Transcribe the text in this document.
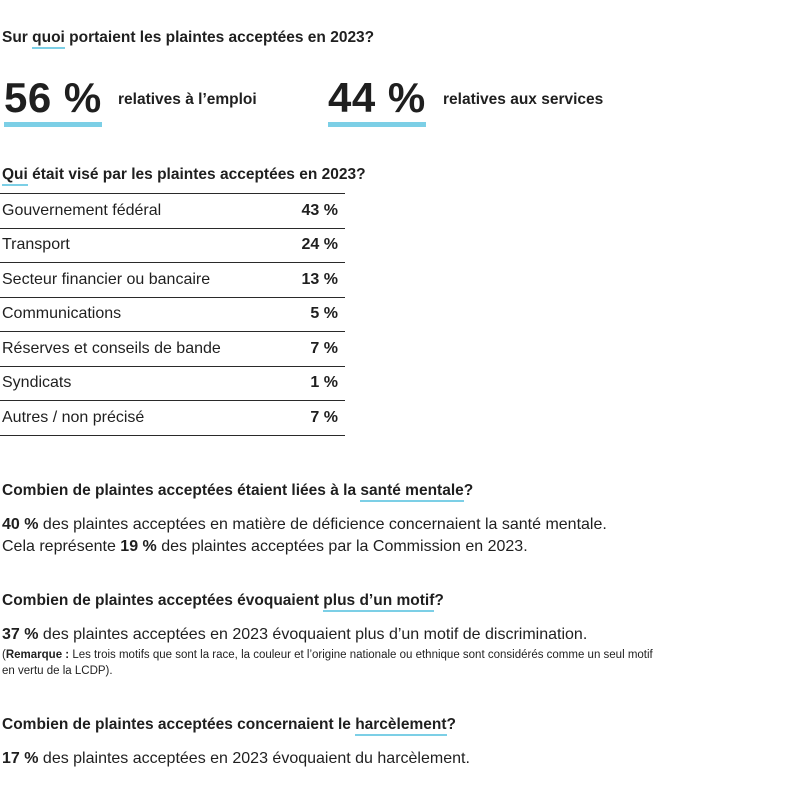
Sur quoi portaient les plaintes acceptées en 2023?
56 % relatives à l’emploi 44 % relatives aux services
Qui était visé par les plaintes acceptées en 2023?
Gouvernement fédéral	43 %
Transport	24 %
Secteur financier ou bancaire	13 %
Communications	5 %
Réserves et conseils de bande	7 %
Syndicats	1 %
Autres / non précisé	7 %
Combien de plaintes acceptées étaient liées à la santé mentale?
40 % des plaintes acceptées en matière de déficience concernaient la santé mentale.
Cela représente 19 % des plaintes acceptées par la Commission en 2023.
Combien de plaintes acceptées évoquaient plus d’un motif?
37 % des plaintes acceptées en 2023 évoquaient plus d’un motif de discrimination.
(Remarque : Les trois motifs que sont la race, la couleur et l’origine nationale ou ethnique sont considérés comme un seul motif
en vertu de la LCDP).
Combien de plaintes acceptées concernaient le harcèlement?
17 % des plaintes acceptées en 2023 évoquaient du harcèlement.
